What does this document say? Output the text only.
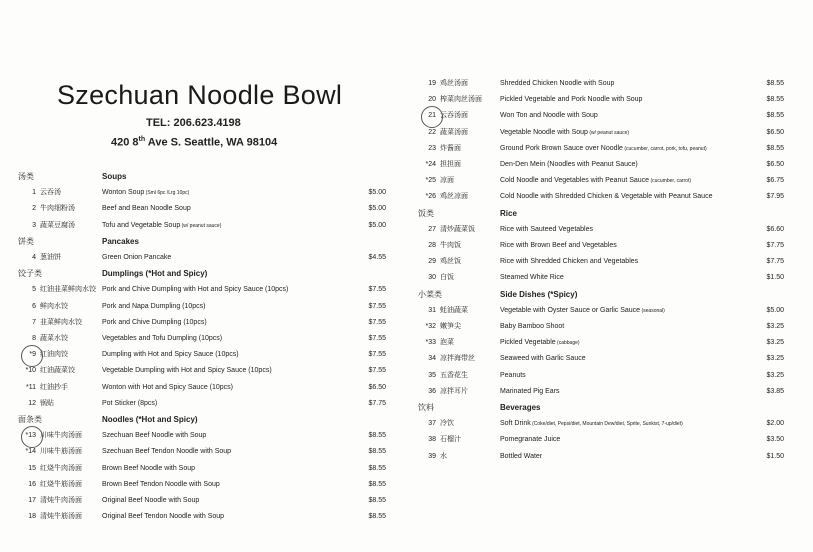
Szechuan Noodle Bowl
TEL: 206.623.4198
420 8th Ave S. Seattle, WA 98104
汤类	Soups
1 云吞汤	Wonton Soup (Sml 6pc /Lrg 10pc)	$5.00
2 牛肉细粉汤	Beef and Bean Noodle Soup	$5.00
3 蔬菜豆腐汤	Tofu and Vegetable Soup (w/ peanut sauce)	$5.00
饼类	Pancakes
4 葱油饼	Green Onion Pancake	$4.55
饺子类	Dumplings (*Hot and Spicy)
5 红油韭菜鲜肉水饺 Pork and Chive Dumpling with Hot and Spicy Sauce (10pcs)	$7.55
6 鲜肉水饺	Pork and Napa Dumpling (10pcs)	$7.55
7 韭菜鲜肉水饺	Pork and Chive Dumpling (10pcs)	$7.55
8 蔬菜水饺	Vegetables and Tofu Dumpling (10pcs)	$7.55
*9 红油肉饺	Dumpling with Hot and Spicy Sauce (10pcs)	$7.55
*10 红油蔬菜饺	Vegetable Dumpling with Hot and Spicy Sauce (10pcs)	$7.55
*11 红油抄手	Wonton with Hot and Spicy Sauce (10pcs)	$6.50
12 锅贴	Pot Sticker (8pcs)	$7.75
面条类	Noodles (*Hot and Spicy)
*13 川味牛肉汤面	Szechuan Beef Noodle with Soup	$8.55
*14 川味牛筋汤面	Szechuan Beef Tendon Noodle with Soup	$8.55
15 红烧牛肉汤面	Brown Beef Noodle with Soup	$8.55
16 红烧牛筋汤面	Brown Beef Tendon Noodle with Soup	$8.55
17 清炖牛肉汤面	Original Beef Noodle with Soup	$8.55
18 清炖牛筋汤面	Original Beef Tendon Noodle with Soup	$8.55
19 鸡丝汤面	Shredded Chicken Noodle with Soup	$8.55
20 榨菜肉丝汤面	Pickled Vegetable and Pork Noodle with Soup	$8.55
21 云吞汤面	Won Ton and Noodle with Soup	$8.55
22 蔬菜汤面	Vegetable Noodle with Soup (w/ peanut sauce)	$6.50
23 炸酱面	Ground Pork Brown Sauce over Noodle (cucumber, carrot, pork, tofu, peanut)	$8.55
*24 担担面	Den-Den Mein (Noodles with Peanut Sauce)	$6.50
*25 凉面	Cold Noodle and Vegetables with Peanut Sauce (cucumber, carrot)	$6.75
*26 鸡丝凉面	Cold Noodle with Shredded Chicken & Vegetable with Peanut Sauce	$7.95
饭类	Rice
27 清炒蔬菜饭	Rice with Sauteed Vegetables	$6.60
28 牛肉饭	Rice with Brown Beef and Vegetables	$7.75
29 鸡丝饭	Rice with Shredded Chicken and Vegetables	$7.75
30 白饭	Steamed White Rice	$1.50
小菜类	Side Dishes (*Spicy)
31 蚝油蔬菜	Vegetable with Oyster Sauce or Garlic Sauce (seasonal)	$5.00
*32 嫩笋尖	Baby Bamboo Shoot	$3.25
*33 泡菜	Pickled Vegetable (cabbage)	$3.25
34 凉拌海带丝	Seaweed with Garlic Sauce	$3.25
35 五香花生	Peanuts	$3.25
36 凉拌耳片	Marinated Pig Ears	$3.85
饮料	Beverages
37 冷饮	Soft Drink (Coke/diet, Pepsi/diet, Mountain Dew/diet, Sprite, Sunkist, 7-up/diet)	$2.00
38 石榴汁	Pomegranate Juice	$3.50
39 水	Bottled Water	$1.50
